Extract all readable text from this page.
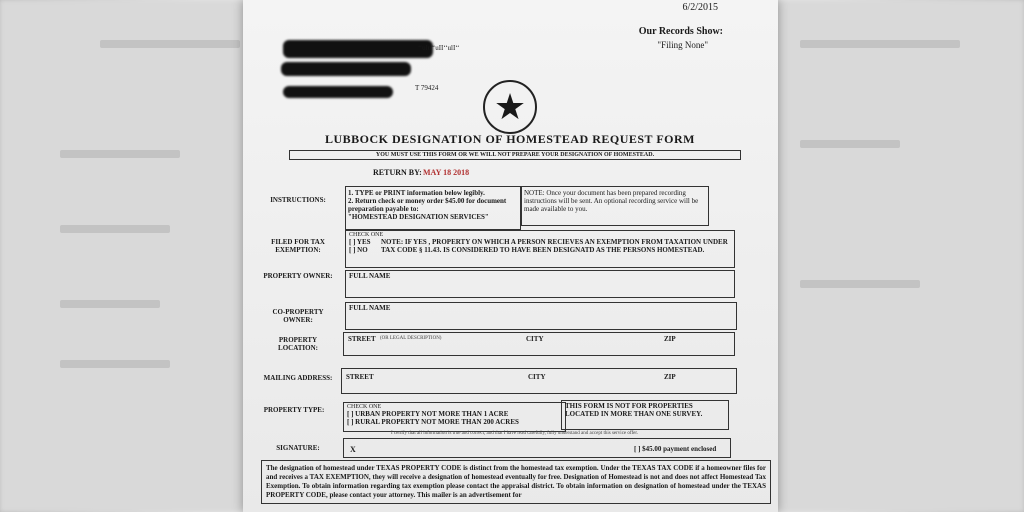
6/2/2015
Our Records Show:
"Filing None"
‘‘ulu‘‘uII‘‘ulI‘‘
T 79424	★
LUBBOCK DESIGNATION OF HOMESTEAD REQUEST FORM
YOU MUST USE THIS FORM OR WE WILL NOT PREPARE YOUR DESIGNATION OF HOMESTEAD.
RETURN BY: MAY 18 2018
INSTRUCTIONS:
1. TYPE or PRINT information below legibly.
2. Return check or money order $45.00 for document preparation payable to:
"HOMESTEAD DESIGNATION SERVICES"
NOTE: Once your document has been prepared recording instructions will be sent. An optional recording service will be made available to you.
FILED FOR TAX EXEMPTION:
CHECK ONE
[ ] YES
[ ] NO
NOTE: IF YES , PROPERTY ON WHICH A PERSON RECIEVES AN EXEMPTION FROM TAXATION UNDER TAX CODE § 11.43. IS CONSIDERED TO HAVE BEEN DESIGNATD AS THE PERSONS HOMESTEAD.
PROPERTY OWNER:	FULL NAME
CO-PROPERTY OWNER:
FULL NAME
PROPERTY LOCATION:
STREET (OR LEGAL DESCRIPTION)	CITY	ZIP
MAILING ADDRESS: STREET	CITY	ZIP
PROPERTY TYPE:	CHECK ONE
[ ] URBAN PROPERTY NOT MORE THAN 1 ACRE
[ ] RURAL PROPERTY NOT MORE THAN 200 ACRES
THIS FORM IS NOT FOR PROPERTIES LOCATED IN MORE THAN ONE SURVEY.
SIGNATURE:
I certify that all information is true and correct, and that I have read carefully, fully understand and accept this service offer.
X	[ ] $45.00 payment enclosed
The designation of homestead under TEXAS PROPERTY CODE is distinct from the homestead tax exemption. Under the TEXAS TAX CODE if a homeowner files for and receives a TAX EXEMPTION, they will receive a designation of homestead eventually for free. Designation of Homestead is not and does not affect Homestead Tax Exemption. To obtain information regarding tax exemption please contact the appraisal district. To obtain information on designation of homestead under the TEXAS PROPERTY CODE, please contact your attorney. This mailer is an advertisement for
